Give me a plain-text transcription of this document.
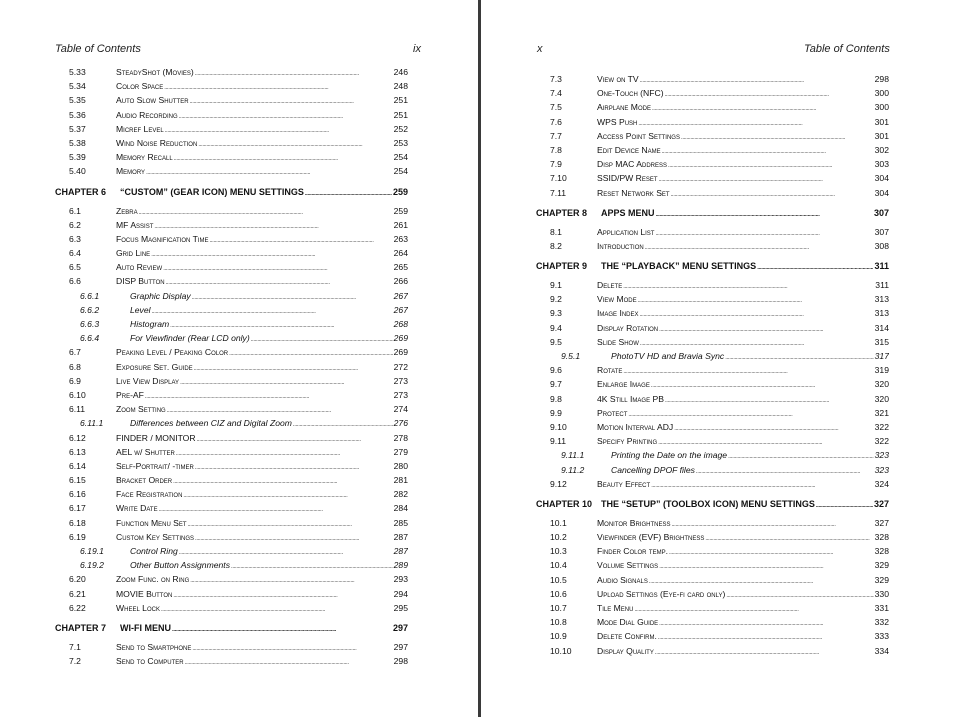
Table of Contents	ix
5.33	SteadyShot (Movies) . . .	246
5.34	Color Space . . .	248
5.35	Auto Slow Shutter . . .	251
5.36	Audio Recording . . .	251
5.37	Micref Level . . .	252
5.38	Wind Noise Reduction . . .	253
5.39	Memory Recall . . .	254
5.40	Memory . . .	254
CHAPTER 6	“CUSTOM” (GEAR ICON) MENU SETTINGS . . .	259
6.1	Zebra . . .	259
6.2	MF Assist . . .	261
6.3	Focus Magnification Time . . .	263
6.4	Grid Line . . .	264
6.5	Auto Review . . .	265
6.6	DISP Button . . .	266
6.6.1	Graphic Display . . .	267
6.6.2	Level . . .	267
6.6.3	Histogram . . .	268
6.6.4	For Viewfinder (Rear LCD only) . . .	269
6.7	Peaking Level / Peaking Color . . .	269
6.8	Exposure Set. Guide . . .	272
6.9	Live View Display . . .	273
6.10	Pre-AF . . .	273
6.11	Zoom Setting . . .	274
6.11.1	Differences between CIZ and Digital Zoom . . .	276
6.12	FINDER / MONITOR . . .	278
6.13	AEL w/ Shutter . . .	279
6.14	Self-Portrait/ -timer . . .	280
6.15	Bracket Order . . .	281
6.16	Face Registration . . .	282
6.17	Write Date . . .	284
6.18	Function Menu Set . . .	285
6.19	Custom Key Settings . . .	287
6.19.1	Control Ring . . .	287
6.19.2	Other Button Assignments . . .	289
6.20	Zoom Func. on Ring . . .	293
6.21	MOVIE Button . . .	294
6.22	Wheel Lock . . .	295
CHAPTER 7	WI-FI MENU . . .	297
7.1	Send to Smartphone . . .	297
7.2	Send to Computer . . .	298
x	Table of Contents
7.3	View on TV . . .	298
7.4	One-Touch (NFC) . . .	300
7.5	Airplane Mode . . .	300
7.6	WPS Push . . .	301
7.7	Access Point Settings . . .	301
7.8	Edit Device Name . . .	302
7.9	Disp MAC Address . . .	303
7.10	SSID/PW Reset . . .	304
7.11	Reset Network Set . . .	304
CHAPTER 8	APPS MENU . . .	307
8.1	Application List . . .	307
8.2	Introduction . . .	308
CHAPTER 9	THE “PLAYBACK” MENU SETTINGS . . .	311
9.1	Delete . . .	311
9.2	View Mode . . .	313
9.3	Image Index . . .	313
9.4	Display Rotation . . .	314
9.5	Slide Show . . .	315
9.5.1	PhotoTV HD and Bravia Sync . . .	317
9.6	Rotate . . .	319
9.7	Enlarge Image . . .	320
9.8	4K Still Image PB . . .	320
9.9	Protect . . .	321
9.10	Motion Interval ADJ . . .	322
9.11	Specify Printing . . .	322
9.11.1	Printing the Date on the image . . .	323
9.11.2	Cancelling DPOF files . . .	323
9.12	Beauty Effect . . .	324
CHAPTER 10 THE “SETUP” (TOOLBOX ICON) MENU SETTINGS . . .	327
10.1	Monitor Brightness . . .	327
10.2	Viewfinder (EVF) Brightness . . .	328
10.3	Finder Color temp. . . .	328
10.4	Volume Settings . . .	329
10.5	Audio Signals . . .	329
10.6	Upload Settings (Eye-fi card only) . . .	330
10.7	Tile Menu . . .	331
10.8	Mode Dial Guide . . .	332
10.9	Delete Confirm. . . .	333
10.10	Display Quality . . .	334
